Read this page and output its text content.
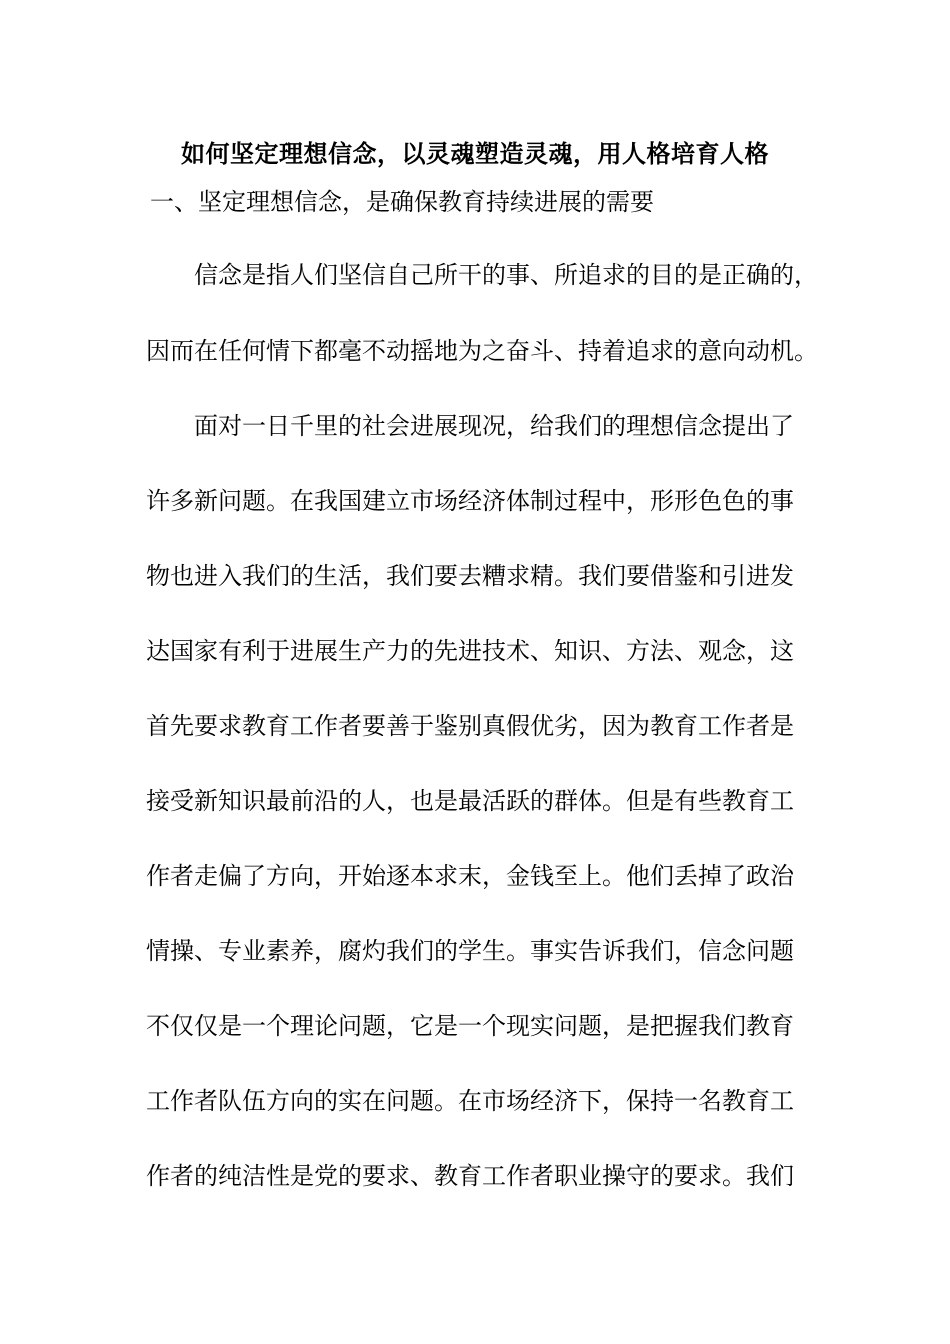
如何坚定理想信念，以灵魂塑造灵魂，用人格培育人格

一、坚定理想信念，是确保教育持续进展的需要

信念是指人们坚信自己所干的事、所追求的目的是正确的，

因而在任何情下都毫不动摇地为之奋斗、持着追求的意向动机。

面对一日千里的社会进展现况，给我们的理想信念提出了

许多新问题。在我国建立市场经济体制过程中，形形色色的事

物也进入我们的生活，我们要去糟求精。我们要借鉴和引进发

达国家有利于进展生产力的先进技术、知识、方法、观念，这

首先要求教育工作者要善于鉴别真假优劣，因为教育工作者是

接受新知识最前沿的人，也是最活跃的群体。但是有些教育工

作者走偏了方向，开始逐本求末，金钱至上。他们丢掉了政治

情操、专业素养，腐灼我们的学生。事实告诉我们，信念问题

不仅仅是一个理论问题，它是一个现实问题，是把握我们教育

工作者队伍方向的实在问题。在市场经济下，保持一名教育工

作者的纯洁性是党的要求、教育工作者职业操守的要求。我们
